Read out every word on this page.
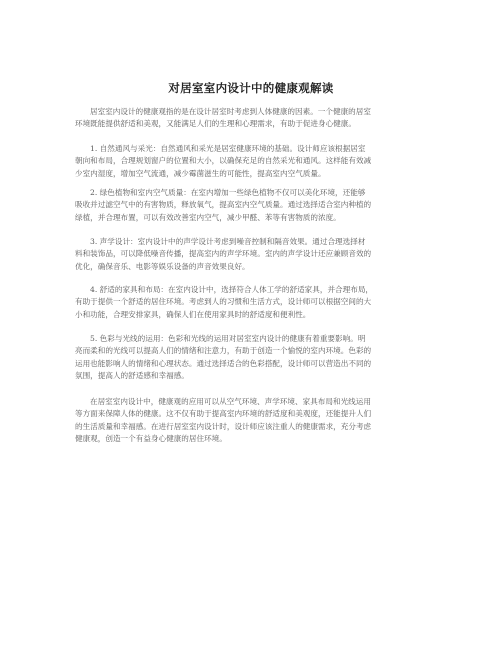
对居室室内设计中的健康观解读
居室室内设计的健康观指的是在设计居室时考虑到人体健康的因素。一个健康的居室
环境既能提供舒适和美观，又能满足人们的生理和心理需求，有助于促进身心健康。
1. 自然通风与采光：自然通风和采光是居室健康环境的基础。设计师应该根据居室
朝向和布局，合理规划窗户的位置和大小，以确保充足的自然采光和通风。这样能有效减
少室内湿度，增加空气流通，减少霉菌滋生的可能性，提高室内空气质量。
2. 绿色植物和室内空气质量：在室内增加一些绿色植物不仅可以美化环境，还能够
吸收并过滤空气中的有害物质，释放氧气，提高室内空气质量。通过选择适合室内种植的
绿植，并合理布置，可以有效改善室内空气，减少甲醛、苯等有害物质的浓度。
3. 声学设计：室内设计中的声学设计考虑到噪音控制和隔音效果。通过合理选择材
料和装饰品，可以降低噪音传播，提高室内的声学环境。室内的声学设计还应兼顾音效的
优化，确保音乐、电影等娱乐设备的声音效果良好。
4. 舒适的家具和布局：在室内设计中，选择符合人体工学的舒适家具，并合理布局，
有助于提供一个舒适的居住环境。考虑到人的习惯和生活方式，设计师可以根据空间的大
小和功能，合理安排家具，确保人们在使用家具时的舒适度和便利性。
5. 色彩与光线的运用：色彩和光线的运用对居室室内设计的健康有着重要影响。明
亮而柔和的光线可以提高人们的情绪和注意力，有助于创造一个愉悦的室内环境。色彩的
运用也能影响人的情绪和心理状态。通过选择适合的色彩搭配，设计师可以营造出不同的
氛围，提高人的舒适感和幸福感。
在居室室内设计中，健康观的应用可以从空气环境、声学环境、家具布局和光线运用
等方面来保障人体的健康。这不仅有助于提高室内环境的舒适度和美观度，还能提升人们
的生活质量和幸福感。在进行居室室内设计时，设计师应该注重人的健康需求，充分考虑
健康观，创造一个有益身心健康的居住环境。
